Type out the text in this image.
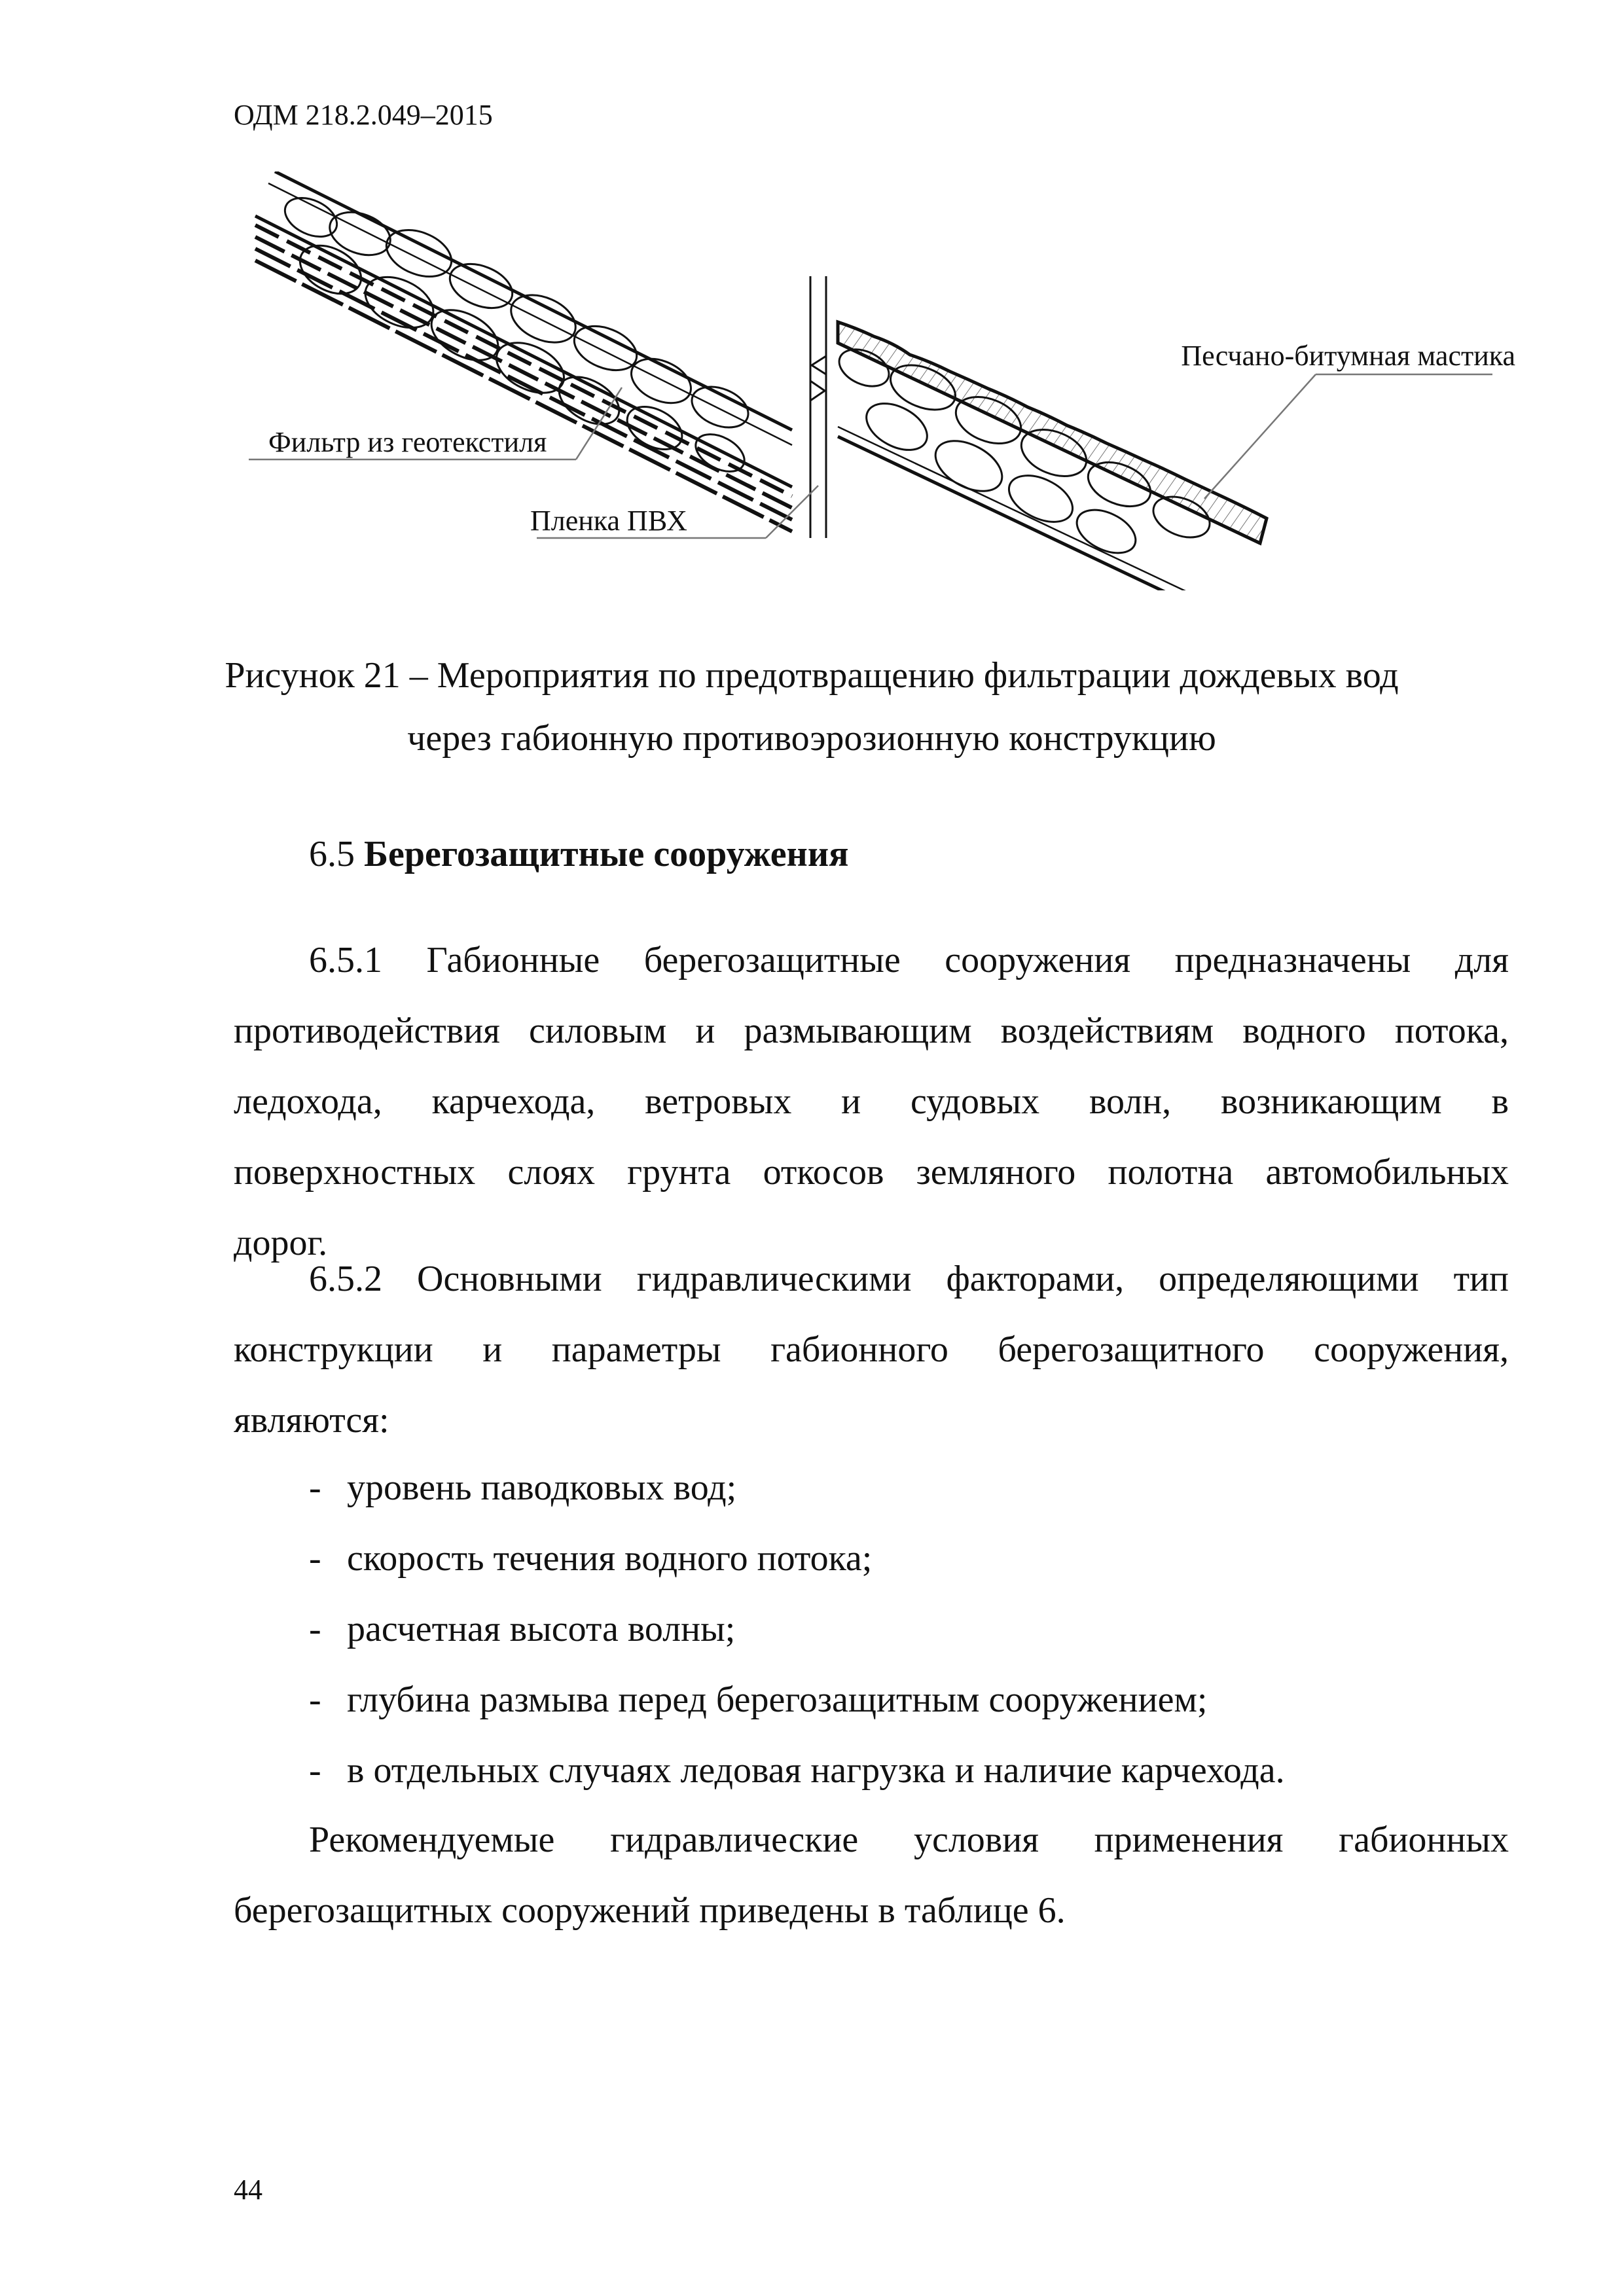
ОДМ 218.2.049–2015
Песчано-битумная мастика
Фильтр из геотекстиля
Пленка ПВХ
Рисунок 21 – Мероприятия по предотвращению фильтрации дождевых вод
через габионную противоэрозионную конструкцию
6.5 Берегозащитные сооружения
6.5.1 Габионные берегозащитные сооружения предназначены для
противодействия силовым и размывающим воздействиям водного потока,
ледохода, карчехода, ветровых и судовых волн, возникающим в
поверхностных слоях грунта откосов земляного полотна автомобильных
дорог.
6.5.2 Основными гидравлическими факторами, определяющими тип
конструкции и параметры габионного берегозащитного сооружения,
являются:
- уровень паводковых вод;
- скорость течения водного потока;
- расчетная высота волны;
- глубина размыва перед берегозащитным сооружением;
- в отдельных случаях ледовая нагрузка и наличие карчехода.
Рекомендуемые гидравлические условия применения габионных
берегозащитных сооружений приведены в таблице 6.
44
